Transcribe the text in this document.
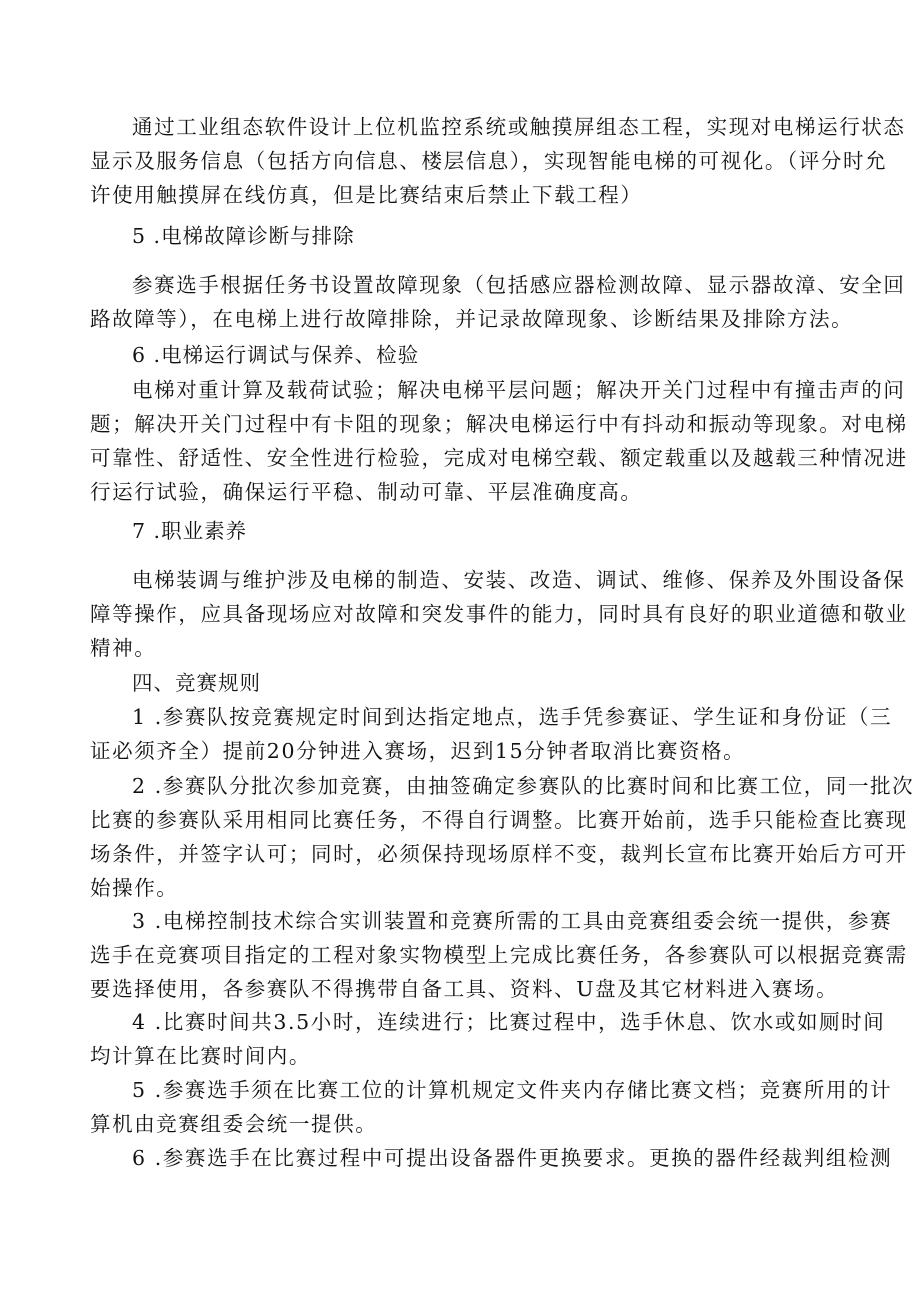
通过工业组态软件设计上位机监控系统或触摸屏组态工程，实现对电梯运行状态
显示及服务信息（包括方向信息、楼层信息），实现智能电梯的可视化。（评分时允
许使用触摸屏在线仿真，但是比赛结束后禁止下载工程）
5 .电梯故障诊断与排除
参赛选手根据任务书设置故障现象（包括感应器检测故障、显示器故漳、安全回
路故障等），在电梯上进行故障排除，并记录故障现象、诊断结果及排除方法。
6 .电梯运行调试与保养、检验
电梯对重计算及载荷试验；解决电梯平层问题；解决开关门过程中有撞击声的问
题；解决开关门过程中有卡阻的现象；解决电梯运行中有抖动和振动等现象。对电梯
可靠性、舒适性、安全性进行检验，完成对电梯空载、额定载重以及越载三种情况进
行运行试验，确保运行平稳、制动可靠、平层准确度高。
7 .职业素养
电梯装调与维护涉及电梯的制造、安装、改造、调试、维修、保养及外围设备保
障等操作，应具备现场应对故障和突发事件的能力，同时具有良好的职业道德和敬业
精神。
四、竞赛规则
1 .参赛队按竞赛规定时间到达指定地点，选手凭参赛证、学生证和身份证（三
证必须齐全）提前20分钟进入赛场，迟到15分钟者取消比赛资格。
2 .参赛队分批次参加竞赛，由抽签确定参赛队的比赛时间和比赛工位，同一批次
比赛的参赛队采用相同比赛任务，不得自行调整。比赛开始前，选手只能检查比赛现
场条件，并签字认可；同时，必须保持现场原样不变，裁判长宣布比赛开始后方可开
始操作。
3 .电梯控制技术综合实训装置和竞赛所需的工具由竞赛组委会统一提供，参赛
选手在竞赛项目指定的工程对象实物模型上完成比赛任务，各参赛队可以根据竞赛需
要选择使用，各参赛队不得携带自备工具、资料、U盘及其它材料进入赛场。
4 .比赛时间共3.5小时，连续进行；比赛过程中，选手休息、饮水或如厕时间
均计算在比赛时间内。
5 .参赛选手须在比赛工位的计算机规定文件夹内存储比赛文档；竞赛所用的计
算机由竞赛组委会统一提供。
6 .参赛选手在比赛过程中可提出设备器件更换要求。更换的器件经裁判组检测
